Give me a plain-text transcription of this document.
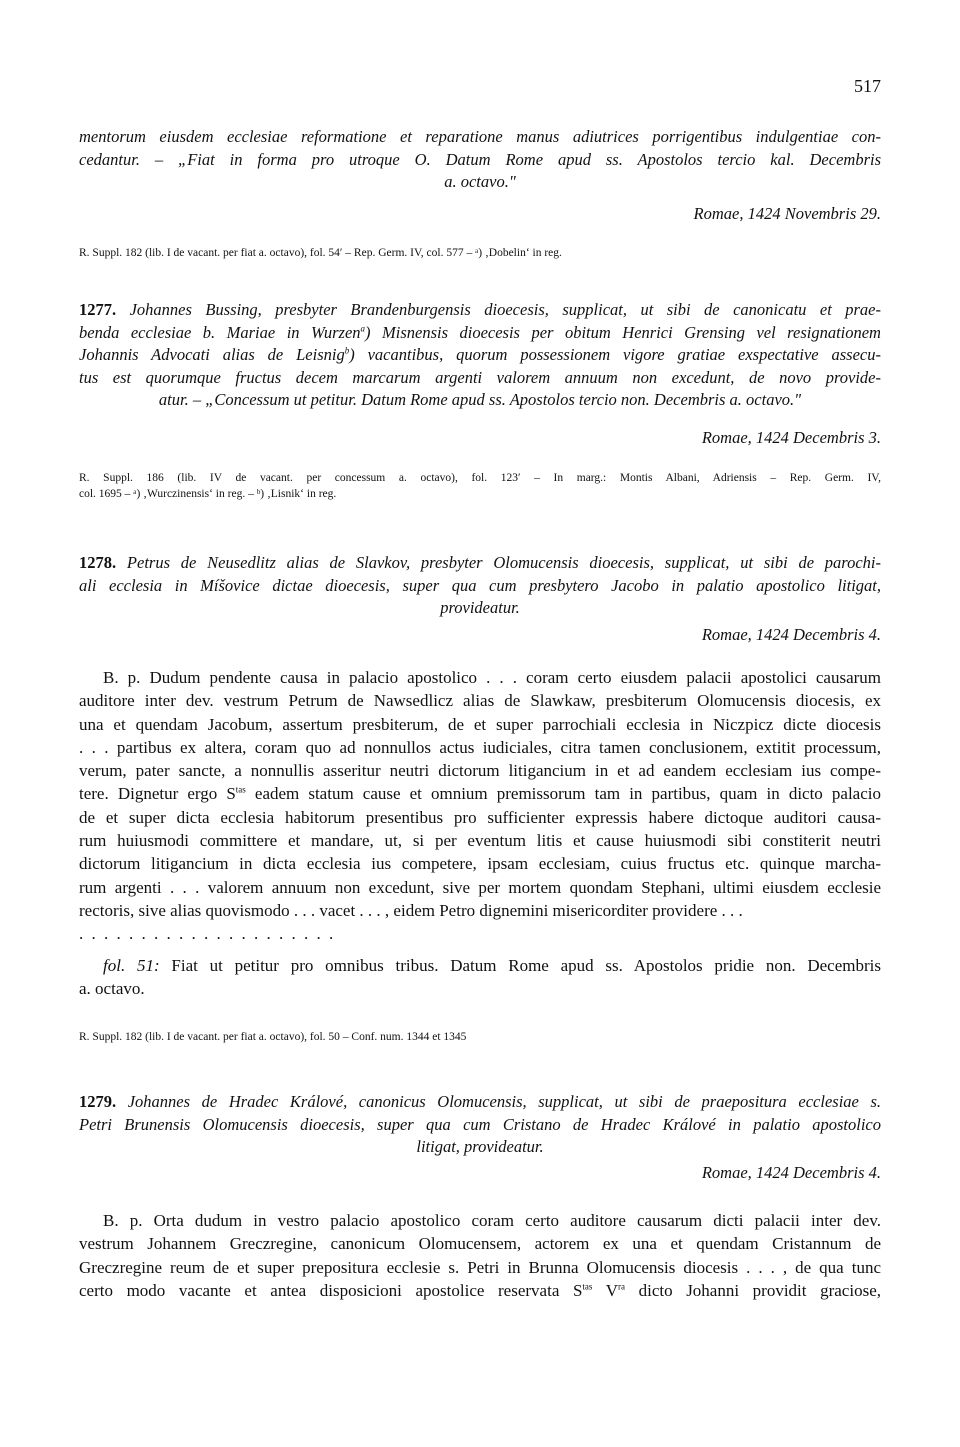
517
mentorum eiusdem ecclesiae reformatione et reparatione manus adiutrices porrigentibus indulgentiae con-
cedantur. – „Fiat in forma pro utroque O. Datum Rome apud ss. Apostolos tercio kal. Decembris
a. octavo."
Romae, 1424 Novembris 29.
R. Suppl. 182 (lib. I de vacant. per fiat a. octavo), fol. 54′ – Rep. Germ. IV, col. 577 – ᵃ) ‚Dobelin‘ in reg.
1277. Johannes Bussing, presbyter Brandenburgensis dioecesis, supplicat, ut sibi de canonicatu et prae-
benda ecclesiae b. Mariae in Wurzen$^a$) Misnensis dioecesis per obitum Henrici Grensing vel resignationem
Johannis Advocati alias de Leisnig$^b$) vacantibus, quorum possessionem vigore gratiae exspectative assecu-
tus est quorumque fructus decem marcarum argenti valorem annuum non excedunt, de novo provide-
atur. – „Concessum ut petitur. Datum Rome apud ss. Apostolos tercio non. Decembris a. octavo."
Romae, 1424 Decembris 3.
R. Suppl. 186 (lib. IV de vacant. per concessum a. octavo), fol. 123′ – In marg.: Montis Albani, Adriensis – Rep. Germ. IV,
col. 1695 – ᵃ) ‚Wurczinensis‘ in reg. – ᵇ) ‚Lisnik‘ in reg.
1278. Petrus de Neusedlitz alias de Slavkov, presbyter Olomucensis dioecesis, supplicat, ut sibi de parochi-
ali ecclesia in Míšovice dictae dioecesis, super qua cum presbytero Jacobo in palatio apostolico litigat,
provideatur.
Romae, 1424 Decembris 4.
B. p. Dudum pendente causa in palacio apostolico . . . coram certo eiusdem palacii apostolici causarum
auditore inter dev. vestrum Petrum de Nawsedlicz alias de Slawkaw, presbiterum Olomucensis diocesis, ex
una et quendam Jacobum, assertum presbiterum, de et super parrochiali ecclesia in Niczpicz dicte diocesis
. . . partibus ex altera, coram quo ad nonnullos actus iudiciales, citra tamen conclusionem, extitit processum,
verum, pater sancte, a nonnullis asseritur neutri dictorum litigancium in et ad eandem ecclesiam ius compe-
tere. Dignetur ergo $S^{tas}$ eadem statum cause et omnium premissorum tam in partibus, quam in dicto palacio
de et super dicta ecclesia habitorum presentibus pro sufficienter expressis habere dictoque auditori causa-
rum huiusmodi committere et mandare, ut, si per eventum litis et cause huiusmodi sibi constiterit neutri
dictorum litigancium in dicta ecclesia ius competere, ipsam ecclesiam, cuius fructus etc. quinque marcha-
rum argenti . . . valorem annuum non excedunt, sive per mortem quondam Stephani, ultimi eiusdem ecclesie
rectoris, sive alias quovismodo . . . vacet . . . , eidem Petro dignemini misericorditer providere . . .
. . . . . . . . . . . . . . . . . . . . .
fol. 51: Fiat ut petitur pro omnibus tribus. Datum Rome apud ss. Apostolos pridie non. Decembris
a. octavo.
R. Suppl. 182 (lib. I de vacant. per fiat a. octavo), fol. 50 – Conf. num. 1344 et 1345
1279. Johannes de Hradec Králové, canonicus Olomucensis, supplicat, ut sibi de praepositura ecclesiae s.
Petri Brunensis Olomucensis dioecesis, super qua cum Cristano de Hradec Králové in palatio apostolico
litigat, provideatur.
Romae, 1424 Decembris 4.
B. p. Orta dudum in vestro palacio apostolico coram certo auditore causarum dicti palacii inter dev.
vestrum Johannem Greczregine, canonicum Olomucensem, actorem ex una et quendam Cristannum de
Greczregine reum de et super prepositura ecclesie s. Petri in Brunna Olomucensis diocesis . . . , de qua tunc
certo modo vacante et antea disposicioni apostolice reservata $S^{tas}$ $V^{ra}$ dicto Johanni providit graciose,
